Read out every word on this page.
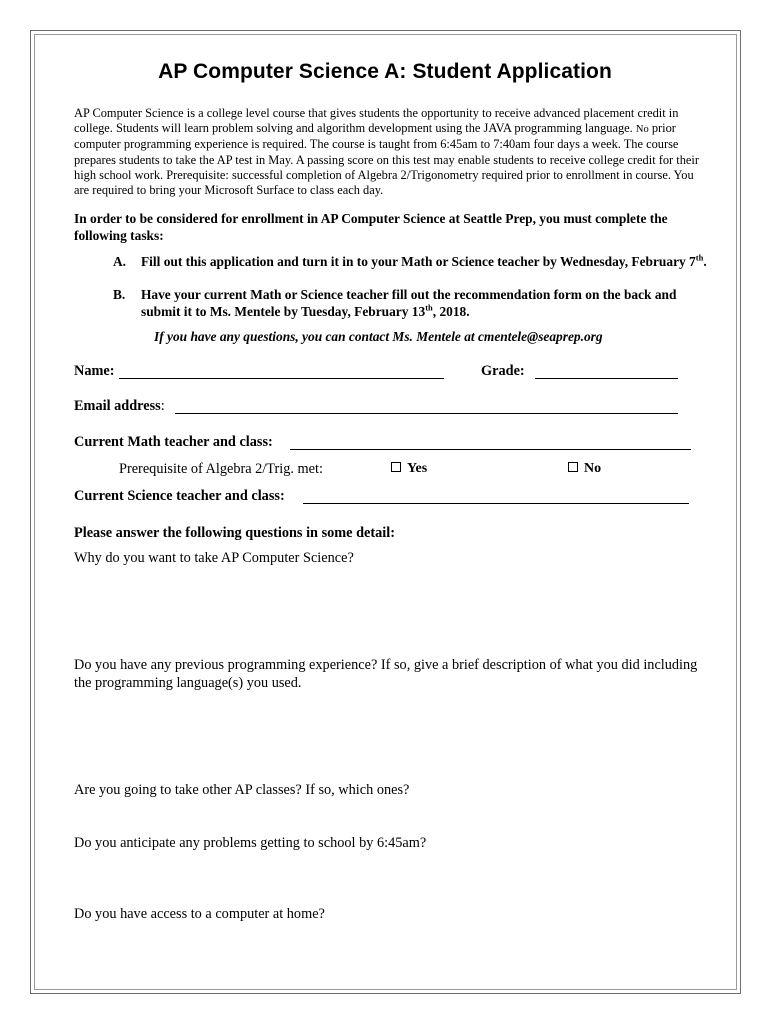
AP Computer Science A: Student Application
AP Computer Science is a college level course that gives students the opportunity to receive advanced placement credit in college. Students will learn problem solving and algorithm development using the JAVA programming language. No prior computer programming experience is required. The course is taught from 6:45am to 7:40am four days a week. The course prepares students to take the AP test in May. A passing score on this test may enable students to receive college credit for their high school work. Prerequisite: successful completion of Algebra 2/Trigonometry required prior to enrollment in course. You are required to bring your Microsoft Surface to class each day.
In order to be considered for enrollment in AP Computer Science at Seattle Prep, you must complete the following tasks:
A. Fill out this application and turn it in to your Math or Science teacher by Wednesday, February 7th.
B. Have your current Math or Science teacher fill out the recommendation form on the back and submit it to Ms. Mentele by Tuesday, February 13th, 2018.
If you have any questions, you can contact Ms. Mentele at cmentele@seaprep.org
Name:	Grade:
Email address:
Current Math teacher and class:
Prerequisite of Algebra 2/Trig. met:	Yes	No
Current Science teacher and class:
Please answer the following questions in some detail:
Why do you want to take AP Computer Science?
Do you have any previous programming experience? If so, give a brief description of what you did including the programming language(s) you used.
Are you going to take other AP classes? If so, which ones?
Do you anticipate any problems getting to school by 6:45am?
Do you have access to a computer at home?
